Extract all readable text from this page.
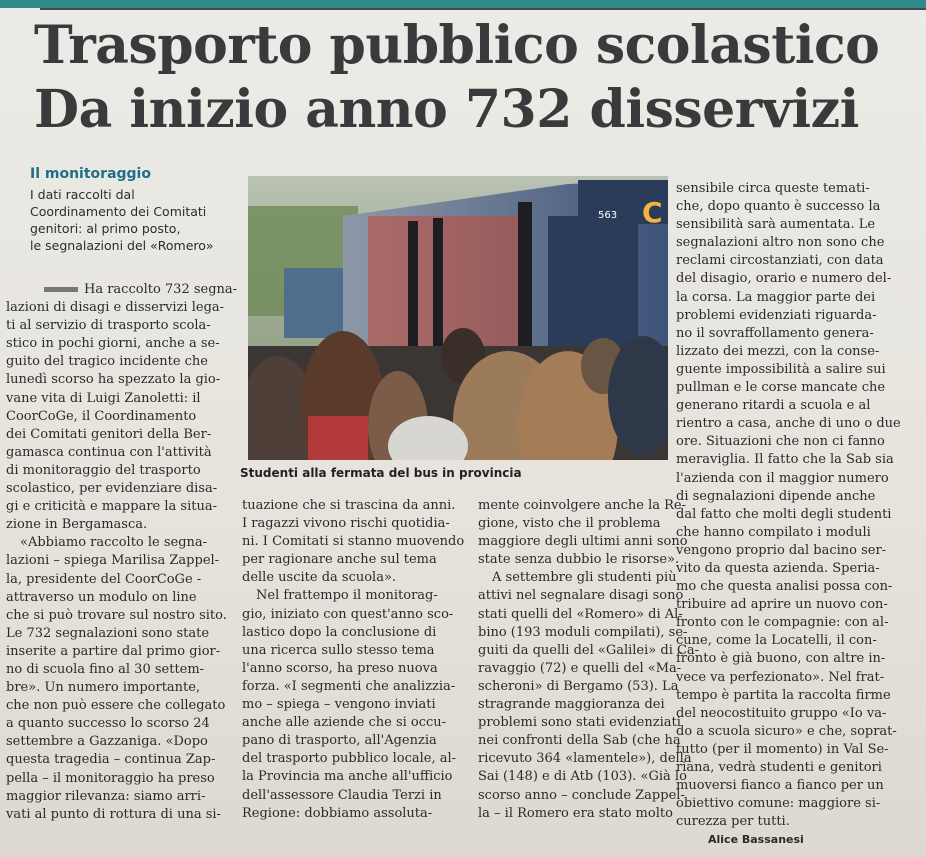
Trasporto pubblico scolastico
Da inizio anno 732 disservizi
Il monitoraggio
I dati raccolti dal
Coordinamento dei Comitati
genitori: al primo posto,
le segnalazioni del «Romero»
563 C
Studenti alla fermata del bus in provincia
Ha raccolto 732 segna-
lazioni di disagi e disservizi lega-
ti al servizio di trasporto scola-
stico in pochi giorni, anche a se-
guito del tragico incidente che
lunedì scorso ha spezzato la gio-
vane vita di Luigi Zanoletti: il
CoorCoGe, il Coordinamento
dei Comitati genitori della Ber-
gamasca continua con l'attività
di monitoraggio del trasporto
scolastico, per evidenziare disa-
gi e criticità e mappare la situa-
zione in Bergamasca.
«Abbiamo raccolto le segna-
lazioni – spiega Marilisa Zappel-
la, presidente del CoorCoGe -
attraverso un modulo on line
che si può trovare sul nostro sito.
Le 732 segnalazioni sono state
inserite a partire dal primo gior-
no di scuola fino al 30 settem-
bre». Un numero importante,
che non può essere che collegato
a quanto successo lo scorso 24
settembre a Gazzaniga. «Dopo
questa tragedia – continua Zap-
pella – il monitoraggio ha preso
maggior rilevanza: siamo arri-
vati al punto di rottura di una si-
tuazione che si trascina da anni.
I ragazzi vivono rischi quotidia-
ni. I Comitati si stanno muovendo
per ragionare anche sul tema
delle uscite da scuola».
Nel frattempo il monitorag-
gio, iniziato con quest'anno sco-
lastico dopo la conclusione di
una ricerca sullo stesso tema
l'anno scorso, ha preso nuova
forza. «I segmenti che analizzia-
mo – spiega – vengono inviati
anche alle aziende che si occu-
pano di trasporto, all'Agenzia
del trasporto pubblico locale, al-
la Provincia ma anche all'ufficio
dell'assessore Claudia Terzi in
Regione: dobbiamo assoluta-
mente coinvolgere anche la Re-
gione, visto che il problema
maggiore degli ultimi anni sono
state senza dubbio le risorse».
A settembre gli studenti più
attivi nel segnalare disagi sono
stati quelli del «Romero» di Al-
bino (193 moduli compilati), se-
guiti da quelli del «Galilei» di Ca-
ravaggio (72) e quelli del «Ma-
scheroni» di Bergamo (53). La
stragrande maggioranza dei
problemi sono stati evidenziati
nei confronti della Sab (che ha
ricevuto 364 «lamentele»), della
Sai (148) e di Atb (103). «Già lo
scorso anno – conclude Zappel-
la – il Romero era stato molto
sensibile circa queste temati-
che, dopo quanto è successo la
sensibilità sarà aumentata. Le
segnalazioni altro non sono che
reclami circostanziati, con data
del disagio, orario e numero del-
la corsa. La maggior parte dei
problemi evidenziati riguarda-
no il sovraffollamento genera-
lizzato dei mezzi, con la conse-
guente impossibilità a salire sui
pullman e le corse mancate che
generano ritardi a scuola e al
rientro a casa, anche di uno o due
ore. Situazioni che non ci fanno
meraviglia. Il fatto che la Sab sia
l'azienda con il maggior numero
di segnalazioni dipende anche
dal fatto che molti degli studenti
che hanno compilato i moduli
vengono proprio dal bacino ser-
vito da questa azienda. Speria-
mo che questa analisi possa con-
tribuire ad aprire un nuovo con-
fronto con le compagnie: con al-
cune, come la Locatelli, il con-
fronto è già buono, con altre in-
vece va perfezionato». Nel frat-
tempo è partita la raccolta firme
del neocostituito gruppo «Io va-
do a scuola sicuro» e che, soprat-
tutto (per il momento) in Val Se-
riana, vedrà studenti e genitori
muoversi fianco a fianco per un
obiettivo comune: maggiore si-
curezza per tutti.
Alice Bassanesi
